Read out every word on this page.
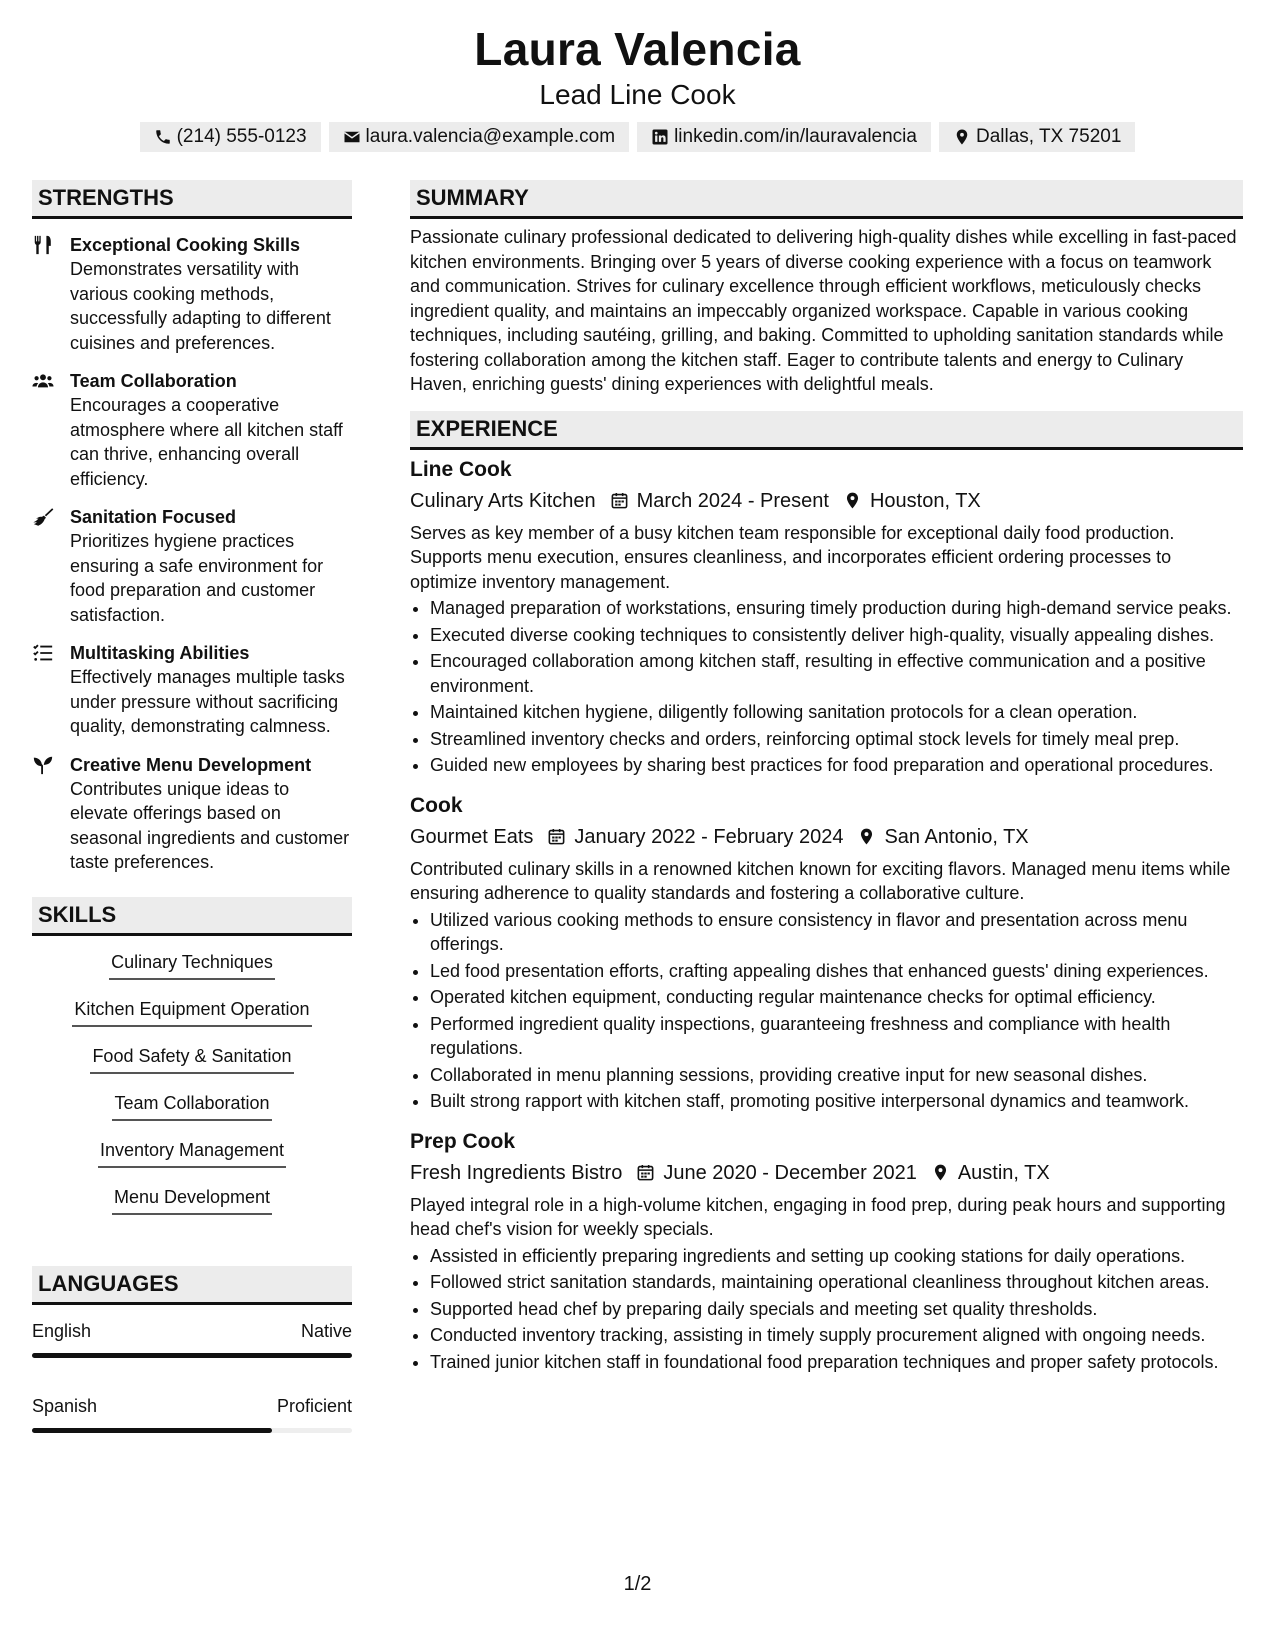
Laura Valencia
Lead Line Cook
(214) 555-0123	laura.valencia@example.com	linkedin.com/in/lauravalencia	Dallas, TX 75201
STRENGTHS
Exceptional Cooking Skills
Demonstrates versatility with various cooking methods, successfully adapting to different cuisines and preferences.
Team Collaboration
Encourages a cooperative atmosphere where all kitchen staff can thrive, enhancing overall efficiency.
Sanitation Focused
Prioritizes hygiene practices ensuring a safe environment for food preparation and customer satisfaction.
Multitasking Abilities
Effectively manages multiple tasks under pressure without sacrificing quality, demonstrating calmness.
Creative Menu Development
Contributes unique ideas to elevate offerings based on seasonal ingredients and customer taste preferences.
SKILLS
Culinary Techniques
Kitchen Equipment Operation
Food Safety & Sanitation
Team Collaboration
Inventory Management
Menu Development
LANGUAGES
English	Native
Spanish	Proficient
SUMMARY
Passionate culinary professional dedicated to delivering high-quality dishes while excelling in fast-paced kitchen environments. Bringing over 5 years of diverse cooking experience with a focus on teamwork and communication. Strives for culinary excellence through efficient workflows, meticulously checks ingredient quality, and maintains an impeccably organized workspace. Capable in various cooking techniques, including sautéing, grilling, and baking. Committed to upholding sanitation standards while fostering collaboration among the kitchen staff. Eager to contribute talents and energy to Culinary Haven, enriching guests' dining experiences with delightful meals.
EXPERIENCE
Line Cook
Culinary Arts Kitchen March 2024 - Present Houston, TX
Serves as key member of a busy kitchen team responsible for exceptional daily food production. Supports menu execution, ensures cleanliness, and incorporates efficient ordering processes to optimize inventory management.
• Managed preparation of workstations, ensuring timely production during high-demand service peaks.
• Executed diverse cooking techniques to consistently deliver high-quality, visually appealing dishes.
• Encouraged collaboration among kitchen staff, resulting in effective communication and a positive environment.
• Maintained kitchen hygiene, diligently following sanitation protocols for a clean operation.
• Streamlined inventory checks and orders, reinforcing optimal stock levels for timely meal prep.
• Guided new employees by sharing best practices for food preparation and operational procedures.
Cook
Gourmet Eats January 2022 - February 2024 San Antonio, TX
Contributed culinary skills in a renowned kitchen known for exciting flavors. Managed menu items while ensuring adherence to quality standards and fostering a collaborative culture.
• Utilized various cooking methods to ensure consistency in flavor and presentation across menu offerings.
• Led food presentation efforts, crafting appealing dishes that enhanced guests' dining experiences.
• Operated kitchen equipment, conducting regular maintenance checks for optimal efficiency.
• Performed ingredient quality inspections, guaranteeing freshness and compliance with health regulations.
• Collaborated in menu planning sessions, providing creative input for new seasonal dishes.
• Built strong rapport with kitchen staff, promoting positive interpersonal dynamics and teamwork.
Prep Cook
Fresh Ingredients Bistro June 2020 - December 2021 Austin, TX
Played integral role in a high-volume kitchen, engaging in food prep, during peak hours and supporting head chef's vision for weekly specials.
• Assisted in efficiently preparing ingredients and setting up cooking stations for daily operations.
• Followed strict sanitation standards, maintaining operational cleanliness throughout kitchen areas.
• Supported head chef by preparing daily specials and meeting set quality thresholds.
• Conducted inventory tracking, assisting in timely supply procurement aligned with ongoing needs.
• Trained junior kitchen staff in foundational food preparation techniques and proper safety protocols.
1/2
